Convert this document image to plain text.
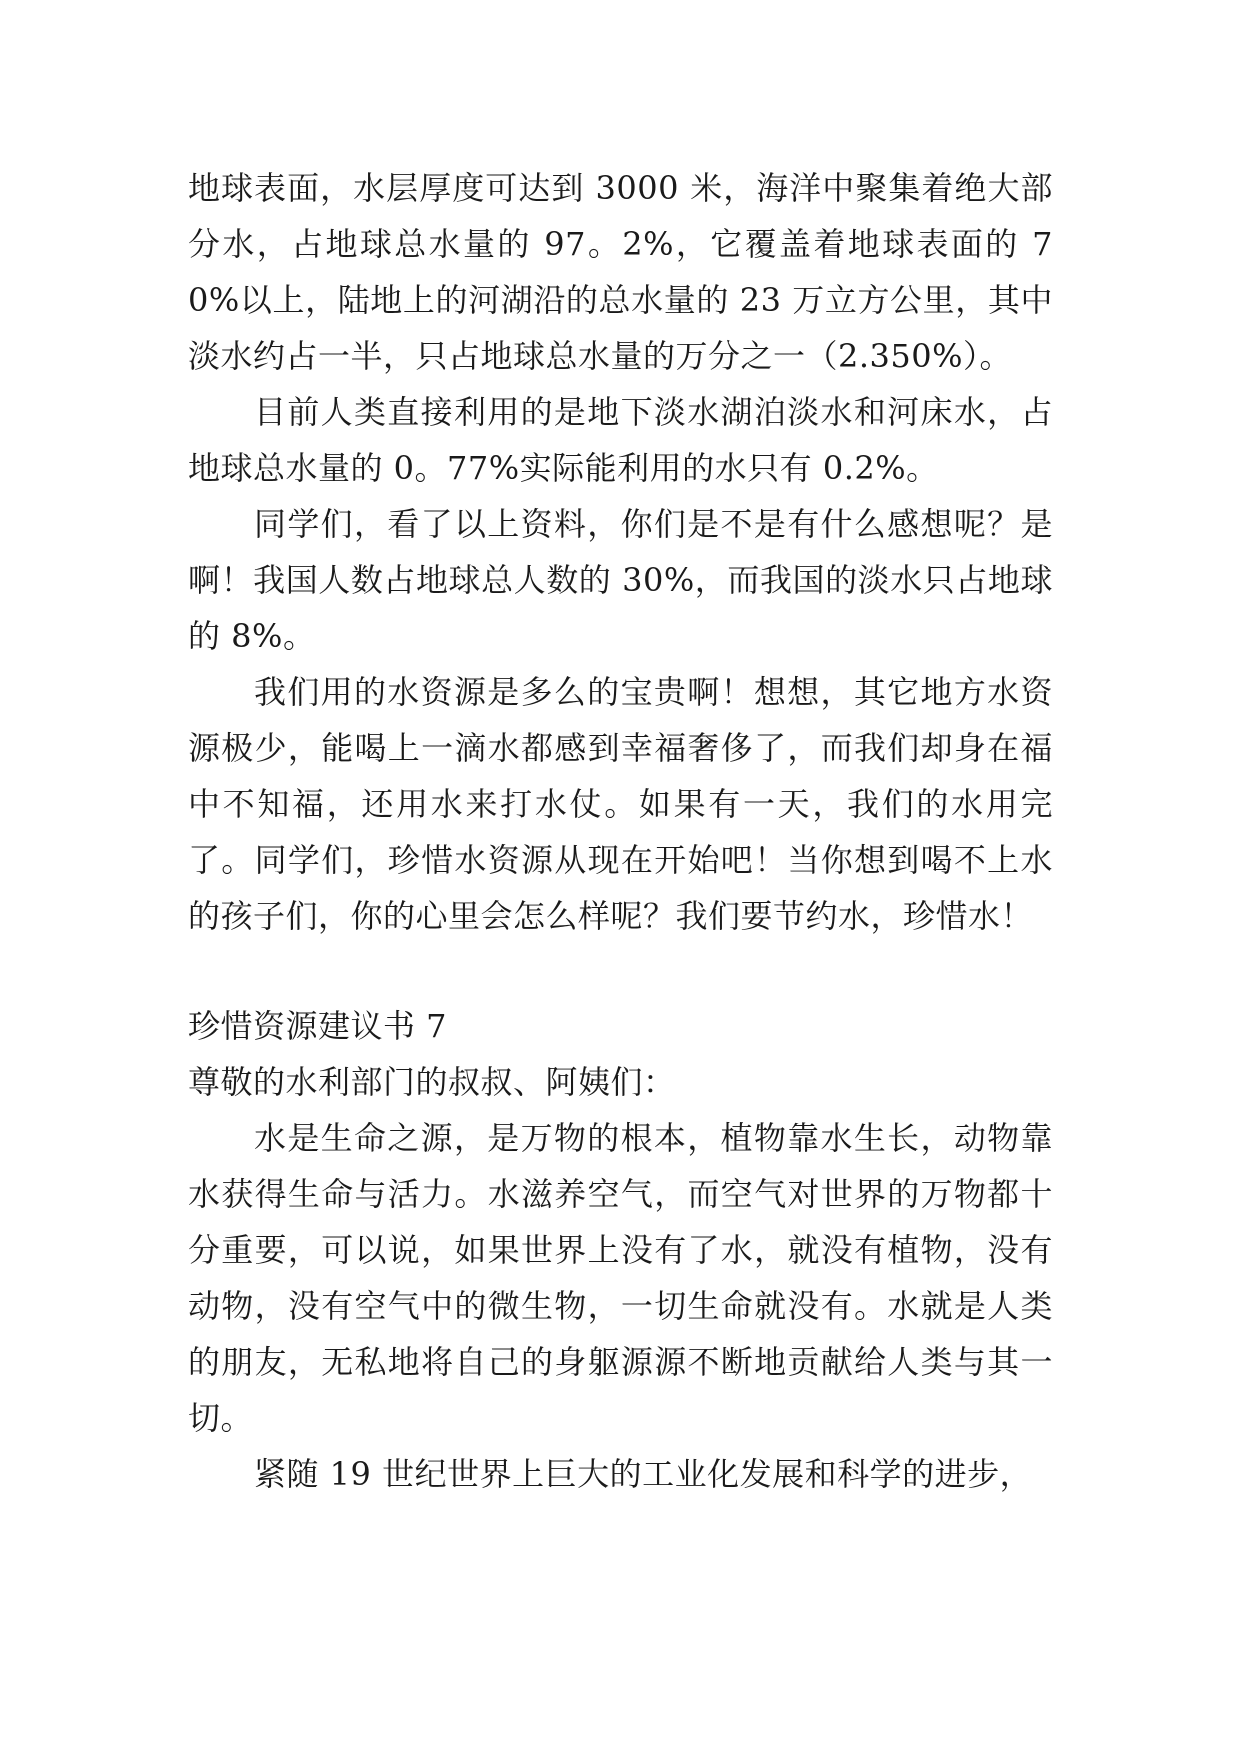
地球表面，水层厚度可达到 3000 米，海洋中聚集着绝大部分水，占地球总水量的 97。2%，它覆盖着地球表面的 70%以上，陆地上的河湖沿的总水量的 23 万立方公里，其中淡水约占一半，只占地球总水量的万分之一（2.350%）。

目前人类直接利用的是地下淡水湖泊淡水和河床水，占地球总水量的 0。77%实际能利用的水只有 0.2%。

同学们，看了以上资料，你们是不是有什么感想呢？是啊！我国人数占地球总人数的 30%，而我国的淡水只占地球的 8%。

我们用的水资源是多么的宝贵啊！想想，其它地方水资源极少，能喝上一滴水都感到幸福奢侈了，而我们却身在福中不知福，还用水来打水仗。如果有一天，我们的水用完了。同学们，珍惜水资源从现在开始吧！当你想到喝不上水的孩子们，你的心里会怎么样呢？我们要节约水，珍惜水！

珍惜资源建议书 7

尊敬的水利部门的叔叔、阿姨们：

水是生命之源，是万物的根本，植物靠水生长，动物靠水获得生命与活力。水滋养空气，而空气对世界的万物都十分重要，可以说，如果世界上没有了水，就没有植物，没有动物，没有空气中的微生物，一切生命就没有。水就是人类的朋友，无私地将自己的身躯源源不断地贡献给人类与其一切。

紧随 19 世纪世界上巨大的工业化发展和科学的进步，
